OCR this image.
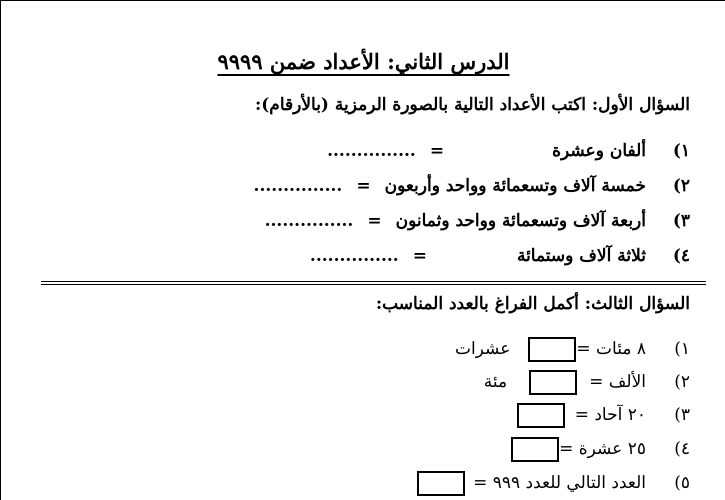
الدرس الثاني: الأعداد ضمن ٩٩٩٩
السؤال الأول: اكتب الأعداد التالية بالصورة الرمزية (بالأرقام):
١)ألفان وعشرة=...............
٢)خمسة آلاف وتسعمائة وواحد وأربعون=...............
٣)أربعة آلاف وتسعمائة وواحد وثمانون=...............
٤)ثلاثة آلاف وستمائة=...............
السؤال الثالث: أكمل الفراغ بالعدد المناسب:
١)٨ مئات =عشرات
٢)الألف =مئة
٣)٢٠ آحاد =
٤)٢٥ عشرة =
٥)العدد التالي للعدد ٩٩٩ =
